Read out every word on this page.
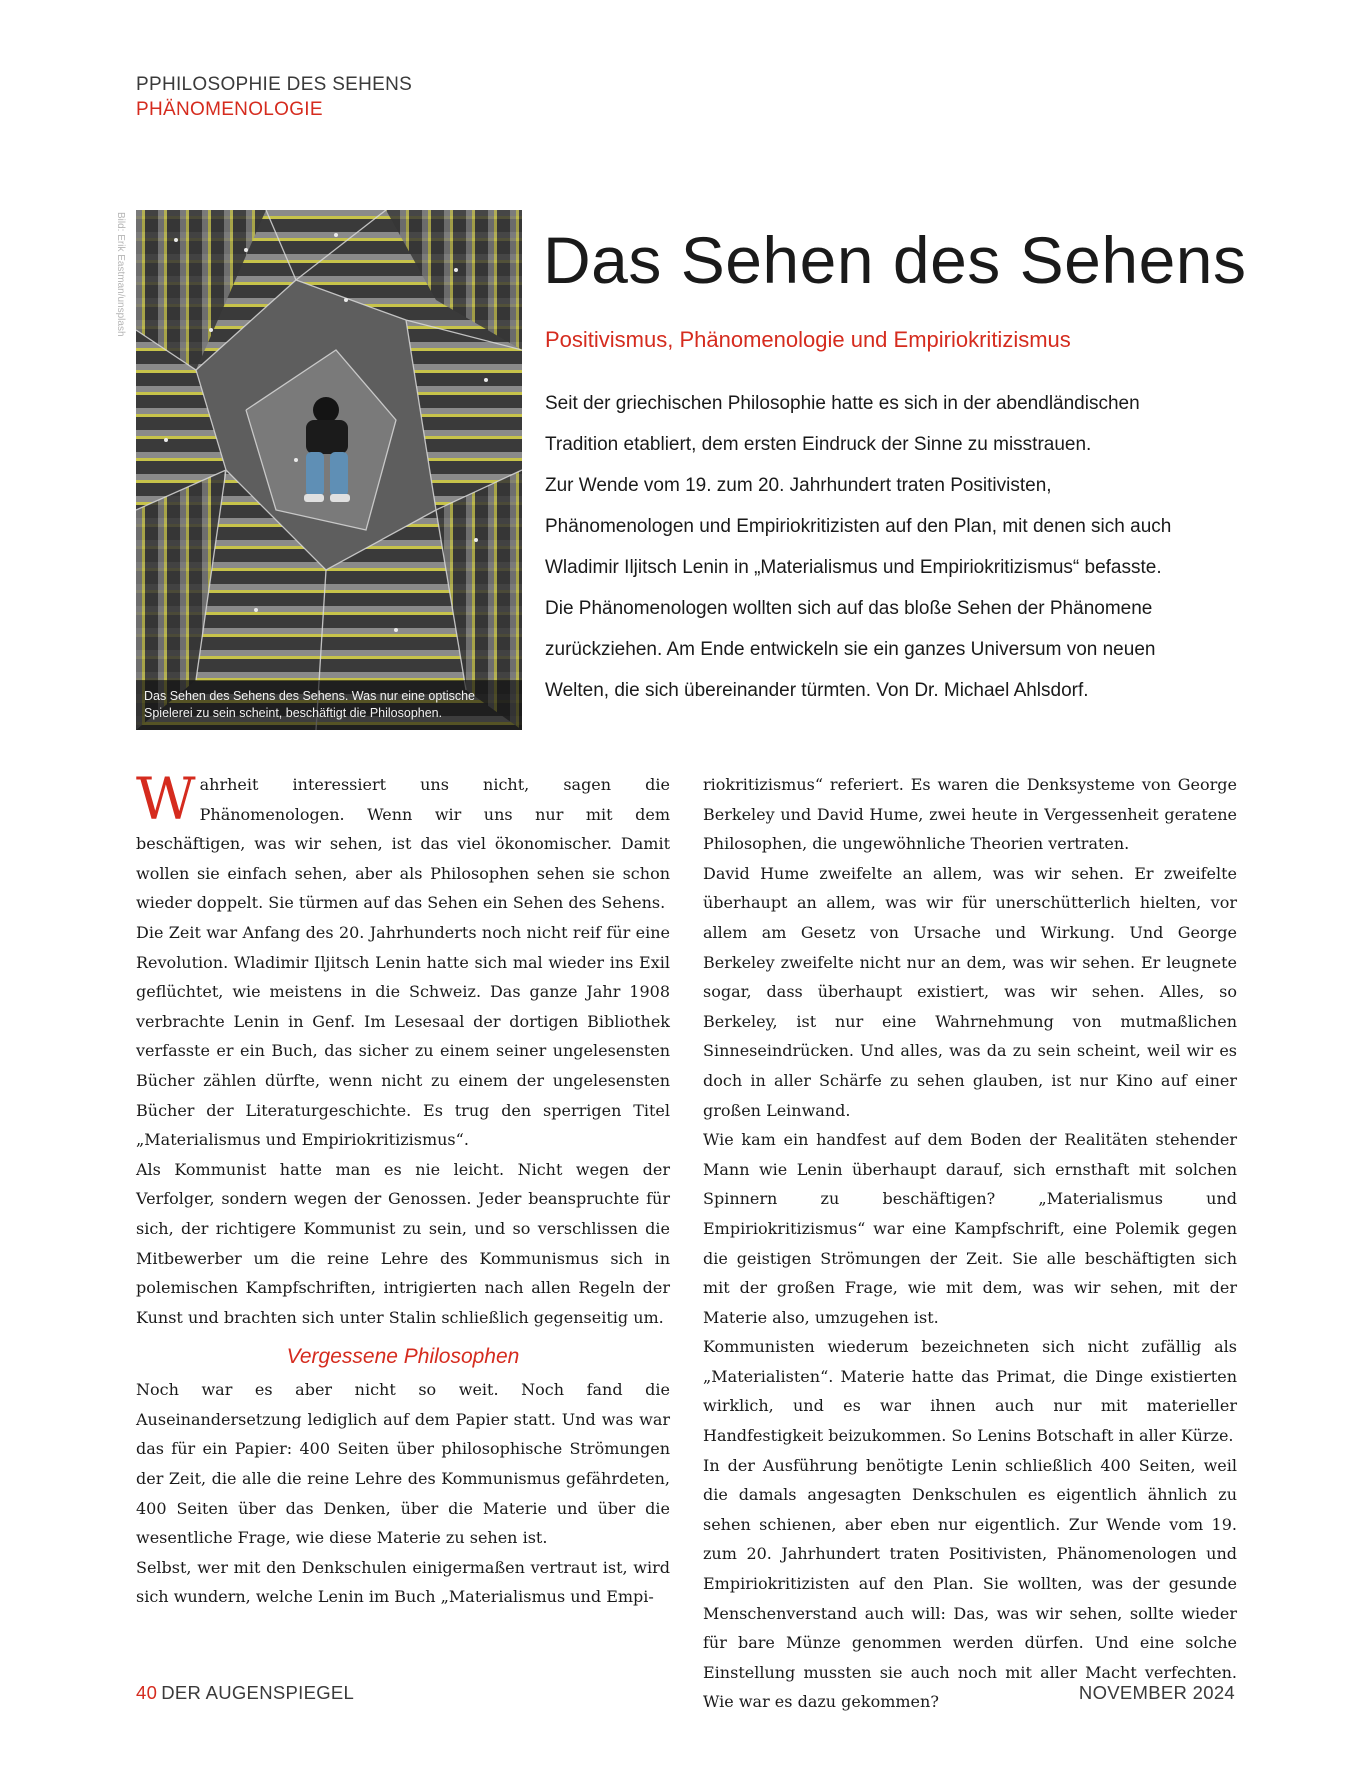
PPHILOSOPHIE DES SEHENS
PHÄNOMENOLOGIE
Bild: Erik Eastman/unsplash
Das Sehen des Sehens des Sehens. Was nur eine optische
Spielerei zu sein scheint, beschäftigt die Philosophen.
Das Sehen des Sehens
Positivismus, Phänomenologie und Empiriokritizismus
Seit der griechischen Philosophie hatte es sich in der abendländischen
Tradition etabliert, dem ersten Eindruck der Sinne zu misstrauen.
Zur Wende vom 19. zum 20. Jahrhundert traten Positivisten,
Phänomenologen und Empiriokritizisten auf den Plan, mit denen sich auch
Wladimir Iljitsch Lenin in „Materialismus und Empiriokritizismus“ befasste.
Die Phänomenologen wollten sich auf das bloße Sehen der Phänomene
zurückziehen. Am Ende entwickeln sie ein ganzes Universum von neuen
Welten, die sich übereinander türmten. Von Dr. Michael Ahlsdorf.

Wahrheit interessiert uns nicht, sagen die Phänomenologen. Wenn wir uns nur mit dem beschäftigen, was wir sehen, ist das viel ökonomischer. Damit wollen sie einfach sehen, aber als Philosophen sehen sie schon wieder doppelt. Sie türmen auf das Sehen ein Sehen des Sehens.

Die Zeit war Anfang des 20. Jahrhunderts noch nicht reif für eine Revolution. Wladimir Iljitsch Lenin hatte sich mal wieder ins Exil geflüchtet, wie meistens in die Schweiz. Das ganze Jahr 1908 verbrachte Lenin in Genf. Im Lesesaal der dortigen Bibliothek verfasste er ein Buch, das sicher zu einem seiner ungelesensten Bücher zählen dürfte, wenn nicht zu einem der ungelesensten Bücher der Literaturgeschichte. Es trug den sperrigen Titel „Materialismus und Empiriokritizismus“.

Als Kommunist hatte man es nie leicht. Nicht wegen der Verfolger, sondern wegen der Genossen. Jeder beanspruchte für sich, der richtigere Kommunist zu sein, und so verschlissen die Mitbewerber um die reine Lehre des Kommunismus sich in polemischen Kampfschriften, intrigierten nach allen Regeln der Kunst und brachten sich unter Stalin schließlich gegenseitig um.

Vergessene Philosophen

Noch war es aber nicht so weit. Noch fand die Auseinandersetzung lediglich auf dem Papier statt. Und was war das für ein Papier: 400 Seiten über philosophische Strömungen der Zeit, die alle die reine Lehre des Kommunismus gefährdeten, 400 Seiten über das Denken, über die Materie und über die wesentliche Frage, wie diese Materie zu sehen ist.

Selbst, wer mit den Denkschulen einigermaßen vertraut ist, wird sich wundern, welche Lenin im Buch „Materialismus und Empi-

riokritizismus“ referiert. Es waren die Denksysteme von George Berkeley und David Hume, zwei heute in Vergessenheit geratene Philosophen, die ungewöhnliche Theorien vertraten.

David Hume zweifelte an allem, was wir sehen. Er zweifelte überhaupt an allem, was wir für unerschütterlich hielten, vor allem am Gesetz von Ursache und Wirkung. Und George Berkeley zweifelte nicht nur an dem, was wir sehen. Er leugnete sogar, dass überhaupt existiert, was wir sehen. Alles, so Berkeley, ist nur eine Wahrnehmung von mutmaßlichen Sinneseindrücken. Und alles, was da zu sein scheint, weil wir es doch in aller Schärfe zu sehen glauben, ist nur Kino auf einer großen Leinwand.

Wie kam ein handfest auf dem Boden der Realitäten stehender Mann wie Lenin überhaupt darauf, sich ernsthaft mit solchen Spinnern zu beschäftigen? „Materialismus und Empiriokritizismus“ war eine Kampfschrift, eine Polemik gegen die geistigen Strömungen der Zeit. Sie alle beschäftigten sich mit der großen Frage, wie mit dem, was wir sehen, mit der Materie also, umzugehen ist.

Kommunisten wiederum bezeichneten sich nicht zufällig als „Materialisten“. Materie hatte das Primat, die Dinge existierten wirklich, und es war ihnen auch nur mit materieller Handfestigkeit beizukommen. So Lenins Botschaft in aller Kürze.

In der Ausführung benötigte Lenin schließlich 400 Seiten, weil die damals angesagten Denkschulen es eigentlich ähnlich zu sehen schienen, aber eben nur eigentlich. Zur Wende vom 19. zum 20. Jahrhundert traten Positivisten, Phänomenologen und Empiriokritizisten auf den Plan. Sie wollten, was der gesunde Menschenverstand auch will: Das, was wir sehen, sollte wieder für bare Münze genommen werden dürfen. Und eine solche Einstellung mussten sie auch noch mit aller Macht verfechten. Wie war es dazu gekommen?

40 DER AUGENSPIEGEL	NOVEMBER 2024
